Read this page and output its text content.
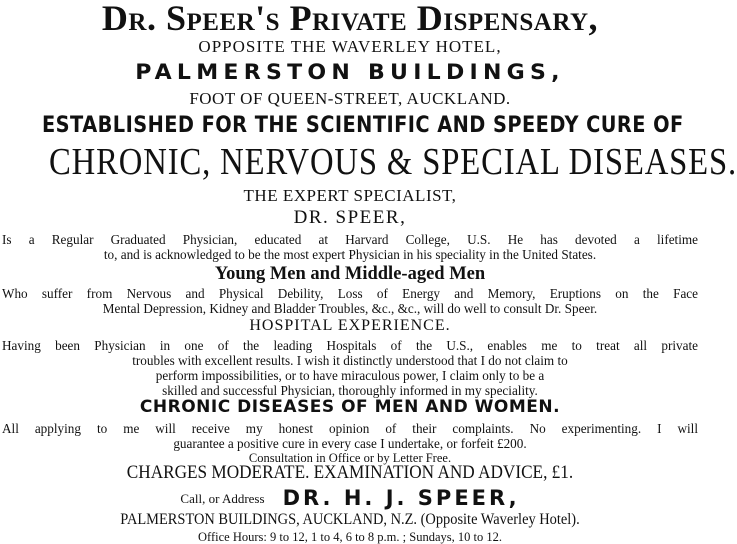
Dr. Speer's Private Dispensary,
OPPOSITE THE WAVERLEY HOTEL,
PALMERSTON BUILDINGS,
FOOT OF QUEEN-STREET, AUCKLAND.
ESTABLISHED FOR THE SCIENTIFIC AND SPEEDY CURE OF
CHRONIC, NERVOUS & SPECIAL DISEASES.
THE EXPERT SPECIALIST,
DR. SPEER,
Is a Regular Graduated Physician, educated at Harvard College, U.S. He has devoted a lifetime
to, and is acknowledged to be the most expert Physician in his speciality in the United States.
Young Men and Middle-aged Men
Who suffer from Nervous and Physical Debility, Loss of Energy and Memory, Eruptions on the Face
Mental Depression, Kidney and Bladder Troubles, &c., &c., will do well to consult Dr. Speer.
HOSPITAL EXPERIENCE.
Having been Physician in one of the leading Hospitals of the U.S., enables me to treat all private
troubles with excellent results. I wish it distinctly understood that I do not claim to
perform impossibilities, or to have miraculous power, I claim only to be a
skilled and successful Physician, thoroughly informed in my speciality.
CHRONIC DISEASES OF MEN AND WOMEN.
All applying to me will receive my honest opinion of their complaints. No experimenting. I will
guarantee a positive cure in every case I undertake, or forfeit £200.
Consultation in Office or by Letter Free.
CHARGES MODERATE. EXAMINATION AND ADVICE, £1.
Call, or Address DR. H. J. SPEER,
PALMERSTON BUILDINGS, AUCKLAND, N.Z. (Opposite Waverley Hotel).
Office Hours: 9 to 12, 1 to 4, 6 to 8 p.m. ; Sundays, 10 to 12.
